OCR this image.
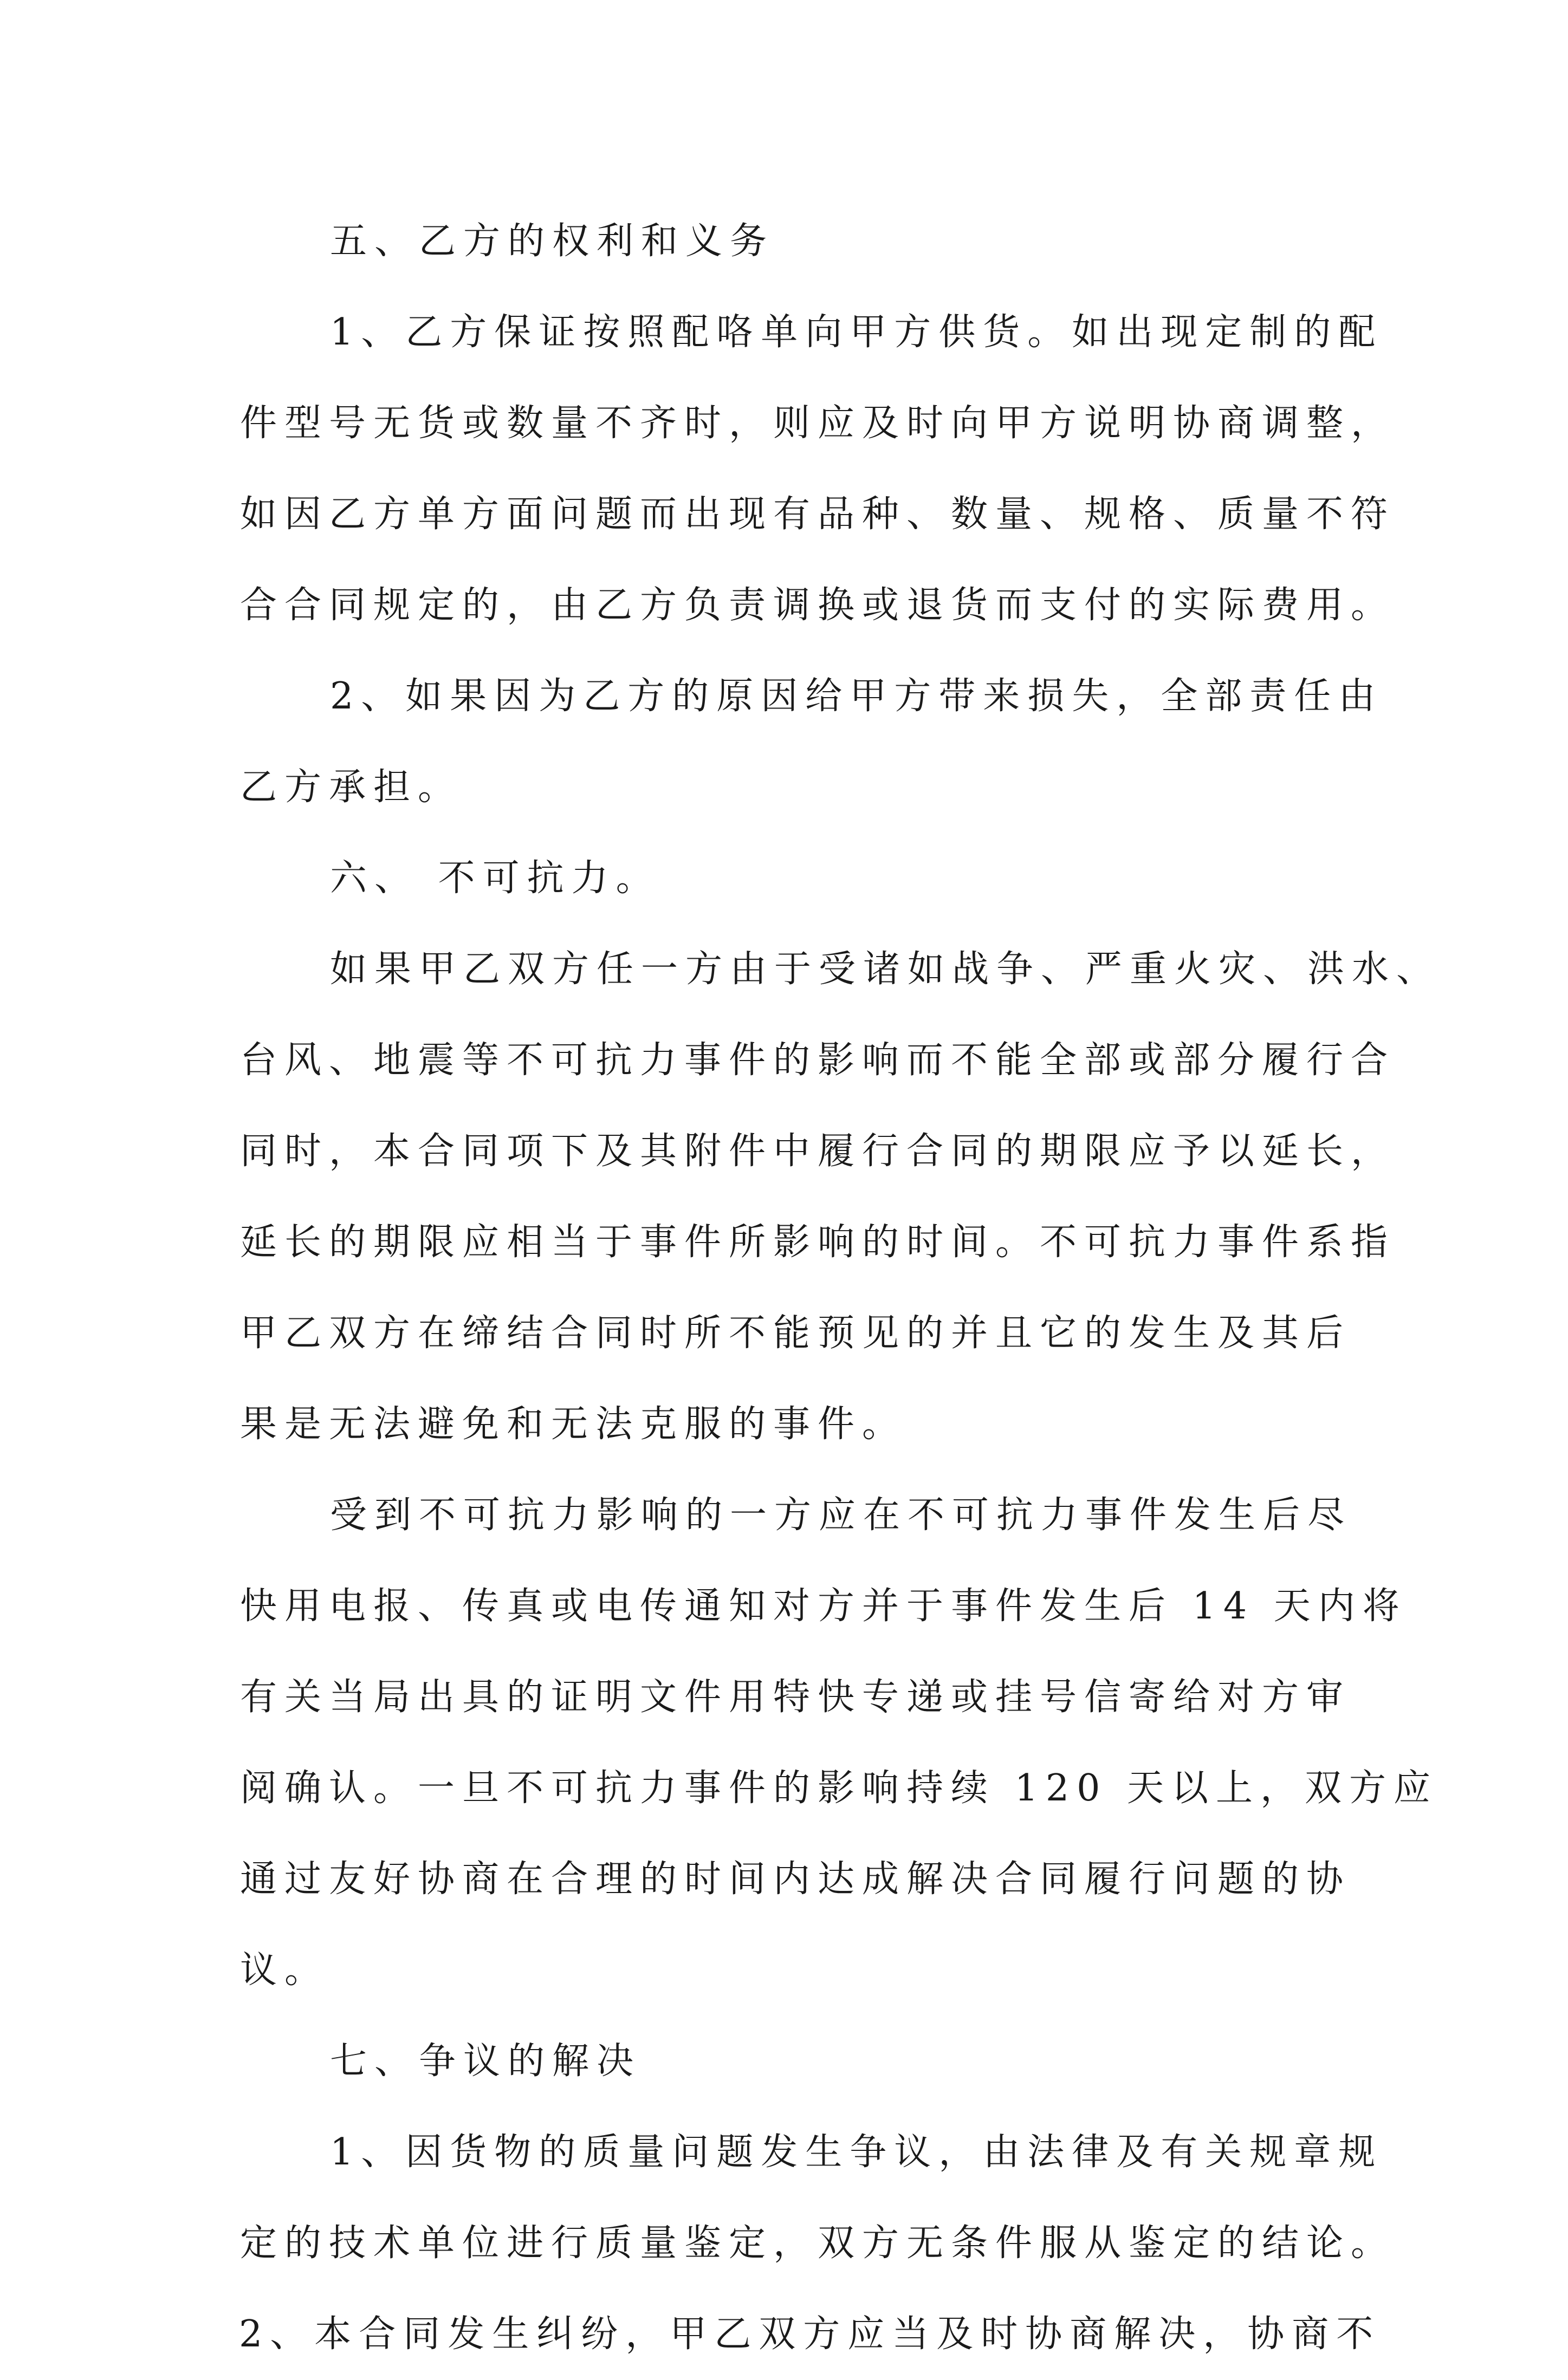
五、乙方的权利和义务
1、乙方保证按照配咯单向甲方供货。如出现定制的配
件型号无货或数量不齐时，则应及时向甲方说明协商调整，
如因乙方单方面问题而出现有品种、数量、规格、质量不符
合合同规定的，由乙方负责调换或退货而支付的实际费用。
2、如果因为乙方的原因给甲方带来损失，全部责任由
乙方承担。
六、 不可抗力。
如果甲乙双方任一方由于受诸如战争、严重火灾、洪水、
台风、地震等不可抗力事件的影响而不能全部或部分履行合
同时，本合同项下及其附件中履行合同的期限应予以延长，
延长的期限应相当于事件所影响的时间。不可抗力事件系指
甲乙双方在缔结合同时所不能预见的并且它的发生及其后
果是无法避免和无法克服的事件。
受到不可抗力影响的一方应在不可抗力事件发生后尽
快用电报、传真或电传通知对方并于事件发生后 14 天内将
有关当局出具的证明文件用特快专递或挂号信寄给对方审
阅确认。一旦不可抗力事件的影响持续 120 天以上，双方应
通过友好协商在合理的时间内达成解决合同履行问题的协
议。
七、争议的解决
1、因货物的质量问题发生争议，由法律及有关规章规
定的技术单位进行质量鉴定，双方无条件服从鉴定的结论。
2、本合同发生纠纷，甲乙双方应当及时协商解决，协商不
